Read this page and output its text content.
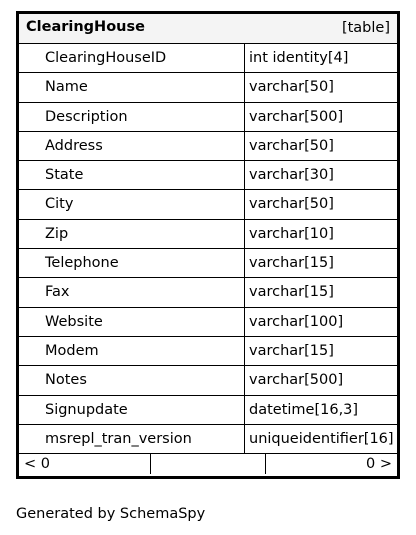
ClearingHouse	[table]
ClearingHouseID	int identity[4]
Name	varchar[50]
Description	varchar[500]
Address	varchar[50]
State	varchar[30]
City	varchar[50]
Zip	varchar[10]
Telephone	varchar[15]
Fax	varchar[15]
Website	varchar[100]
Modem	varchar[15]
Notes	varchar[500]
Signupdate	datetime[16,3]
msrepl_tran_version	uniqueidentifier[16]
< 0	0 >
Generated by SchemaSpy
